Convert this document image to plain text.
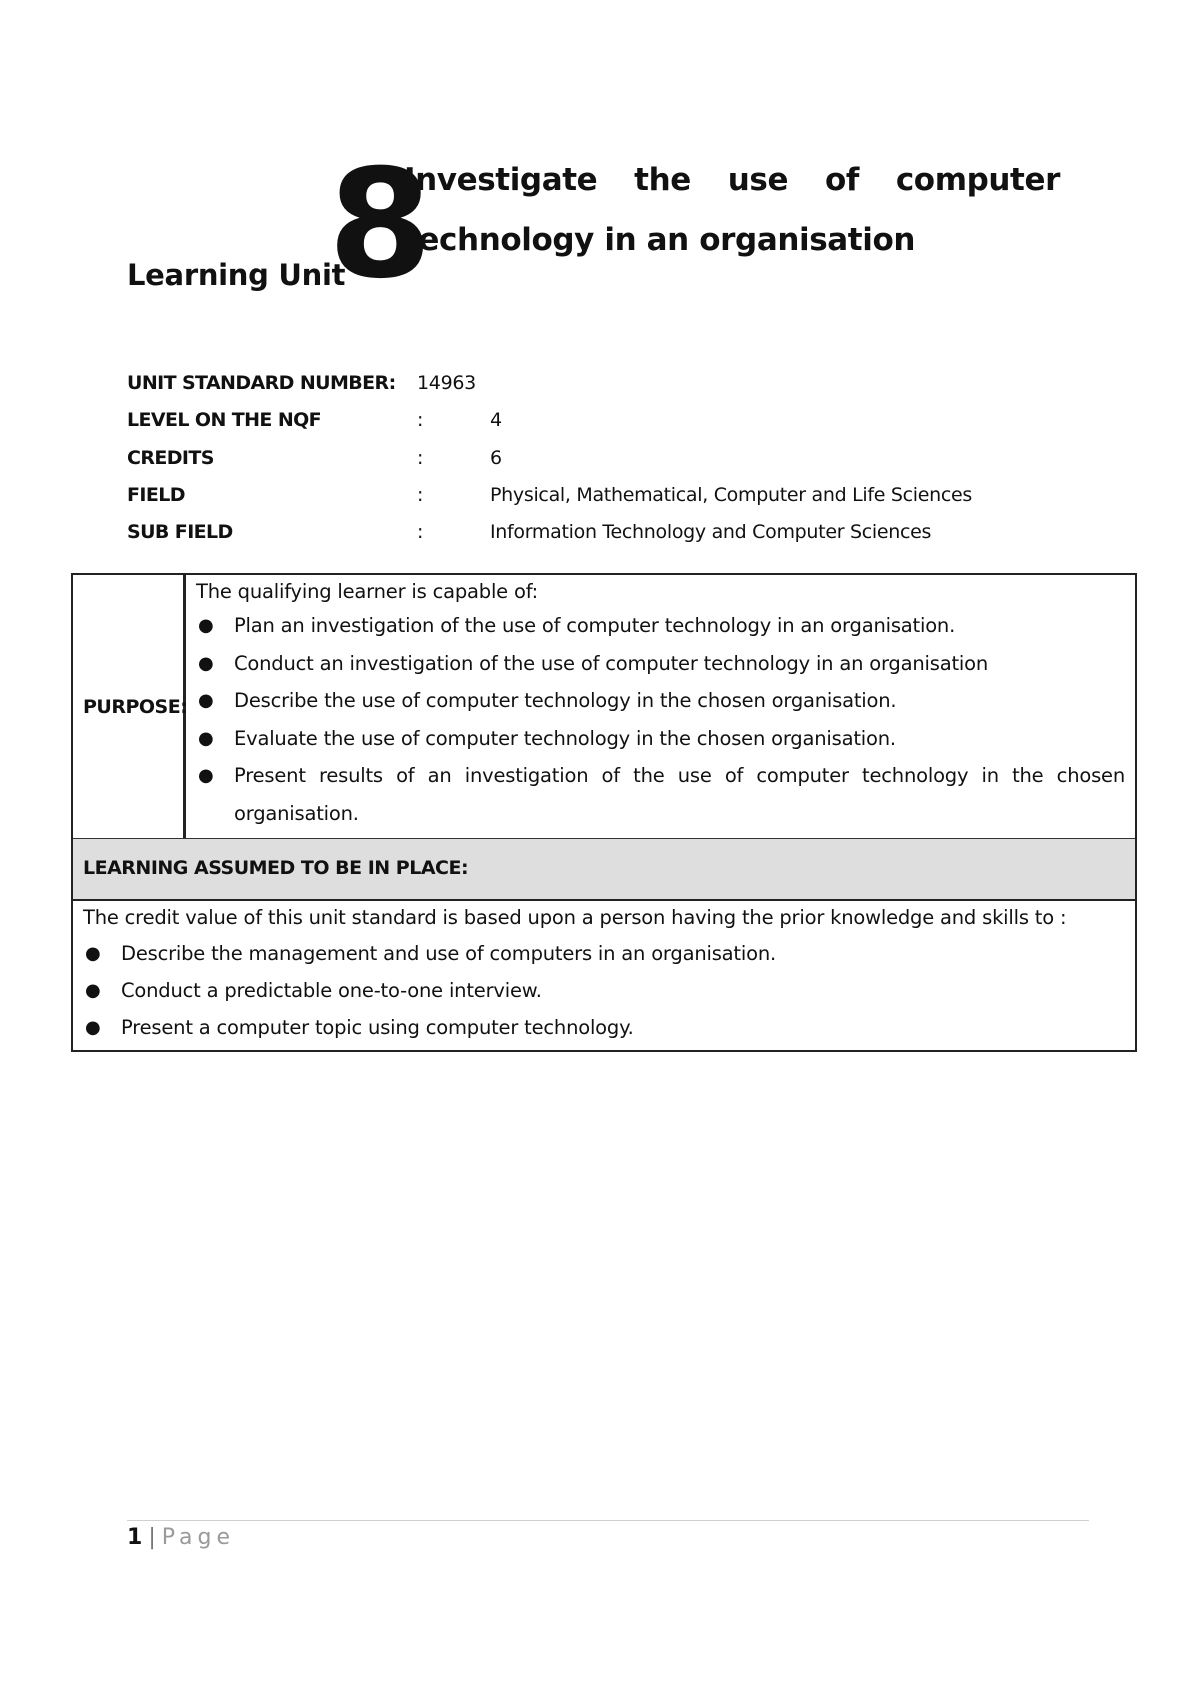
Learning Unit
8
Investigate the use of computer technology in an organisation
UNIT STANDARD NUMBER: 14963
LEVEL ON THE NQF	:	4
CREDITS	:	6
FIELD	:	Physical, Mathematical, Computer and Life Sciences
SUB FIELD	:	Information Technology and Computer Sciences
PURPOSE:
The qualifying learner is capable of:
● Plan an investigation of the use of computer technology in an organisation.
● Conduct an investigation of the use of computer technology in an organisation
● Describe the use of computer technology in the chosen organisation.
● Evaluate the use of computer technology in the chosen organisation.
● Present results of an investigation of the use of computer technology in the chosen organisation.
LEARNING ASSUMED TO BE IN PLACE:
The credit value of this unit standard is based upon a person having the prior knowledge and skills to :
● Describe the management and use of computers in an organisation.
● Conduct a predictable one-to-one interview.
● Present a computer topic using computer technology.
1 | Page
